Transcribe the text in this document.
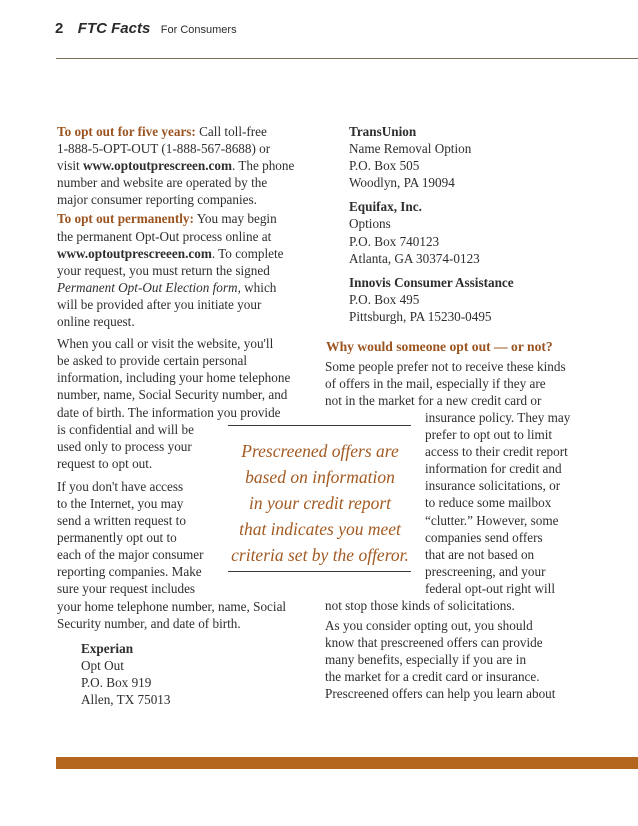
2 FTC Facts For Consumers

To opt out for five years: Call toll-free
1-888-5-OPT-OUT (1-888-567-8688) or
visit www.optoutprescreen.com. The phone
number and website are operated by the
major consumer reporting companies.

To opt out permanently: You may begin
the permanent Opt-Out process online at
www.optoutprescreeen.com. To complete
your request, you must return the signed
Permanent Opt-Out Election form, which
will be provided after you initiate your
online request.

When you call or visit the website, you'll
be asked to provide certain personal
information, including your home telephone
number, name, Social Security number, and
date of birth. The information you provide
is confidential and will be
used only to process your
request to opt out.

If you don't have access
to the Internet, you may
send a written request to
permanently opt out to
each of the major consumer
reporting companies. Make
sure your request includes
your home telephone number, name, Social
Security number, and date of birth.

Experian
Opt Out
P.O. Box 919
Allen, TX 75013
TransUnion
Name Removal Option
P.O. Box 505
Woodlyn, PA 19094
Equifax, Inc.
Options
P.O. Box 740123
Atlanta, GA 30374-0123
Innovis Consumer Assistance
P.O. Box 495
Pittsburgh, PA 15230-0495
Why would someone opt out — or not?
Some people prefer not to receive these kinds
of offers in the mail, especially if they are
not in the market for a new credit card or
insurance policy. They may
prefer to opt out to limit
access to their credit report
information for credit and
insurance solicitations, or
to reduce some mailbox
“clutter.” However, some
companies send offers
that are not based on
prescreening, and your
federal opt-out right will
not stop those kinds of solicitations.
As you consider opting out, you should
know that prescreened offers can provide
many benefits, especially if you are in
the market for a credit card or insurance.
Prescreened offers can help you learn about
Prescreened offers are
based on information
in your credit report
that indicates you meet
criteria set by the offeror.
